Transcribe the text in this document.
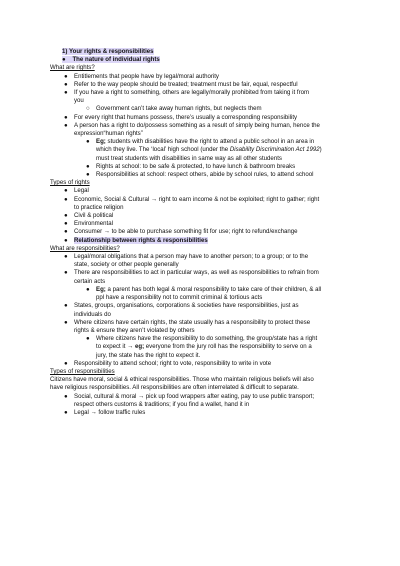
1) Your rights & responsibilities
●    The nature of individual rights
What are rights?
● Entitlements that people have by legal/moral authority
● Refer to the way people should be treated; treatment must be fair, equal, respectful
● If you have a right to something, others are legally/morally prohibited from taking it from
you
○ Government can’t take away human rights, but neglects them
● For every right that humans possess, there’s usually a corresponding responsibility
● A person has a right to do/possess something as a result of simply being human, hence the
expression“human rights”
● Eg; students with disabilities have the right to attend a public school in an area in
which they live. The ‘local’ high school (under the Disability Discrimination Act 1992)
must treat students with disabilities in same way as all other students
● Rights at school: to be safe & protected, to have lunch & bathroom breaks
● Responsibilities at school: respect others, abide by school rules, to attend school
Types of rights
● Legal
● Economic, Social & Cultural → right to earn income & not be exploited; right to gather; right
to practice religion
● Civil & political
● Environmental
● Consumer → to be able to purchase something fit for use; right to refund/exchange
● Relationship between rights & responsibilities
What are responsibilities?
● Legal/moral obligations that a person may have to another person; to a group; or to the
state, society or other people generally
● There are responsibilities to act in particular ways, as well as responsibilities to refrain from
certain acts
● Eg; a parent has both legal & moral responsibility to take care of their children, & all
ppl have a responsibility not to commit criminal & tortious acts
● States, groups, organisations, corporations & societies have responsibilities, just as
individuals do
● Where citizens have certain rights, the state usually has a responsibility to protect these
rights & ensure they aren’t violated by others
● Where citizens have the responsibility to do something, the group/state has a right
to expect it → eg; everyone from the jury roll has the responsibility to serve on a
jury, the state has the right to expect it.
● Responsibility to attend school; right to vote, responsibility to write in vote
Types of responsibilities
Citizens have moral, social & ethical responsibilities. Those who maintain religious beliefs will also
have religious responsibilities. All responsibilities are often interrelated & difficult to separate.
● Social, cultural & moral → pick up food wrappers after eating, pay to use public transport;
respect others customs & traditions; if you find a wallet, hand it in
● Legal → follow traffic rules
